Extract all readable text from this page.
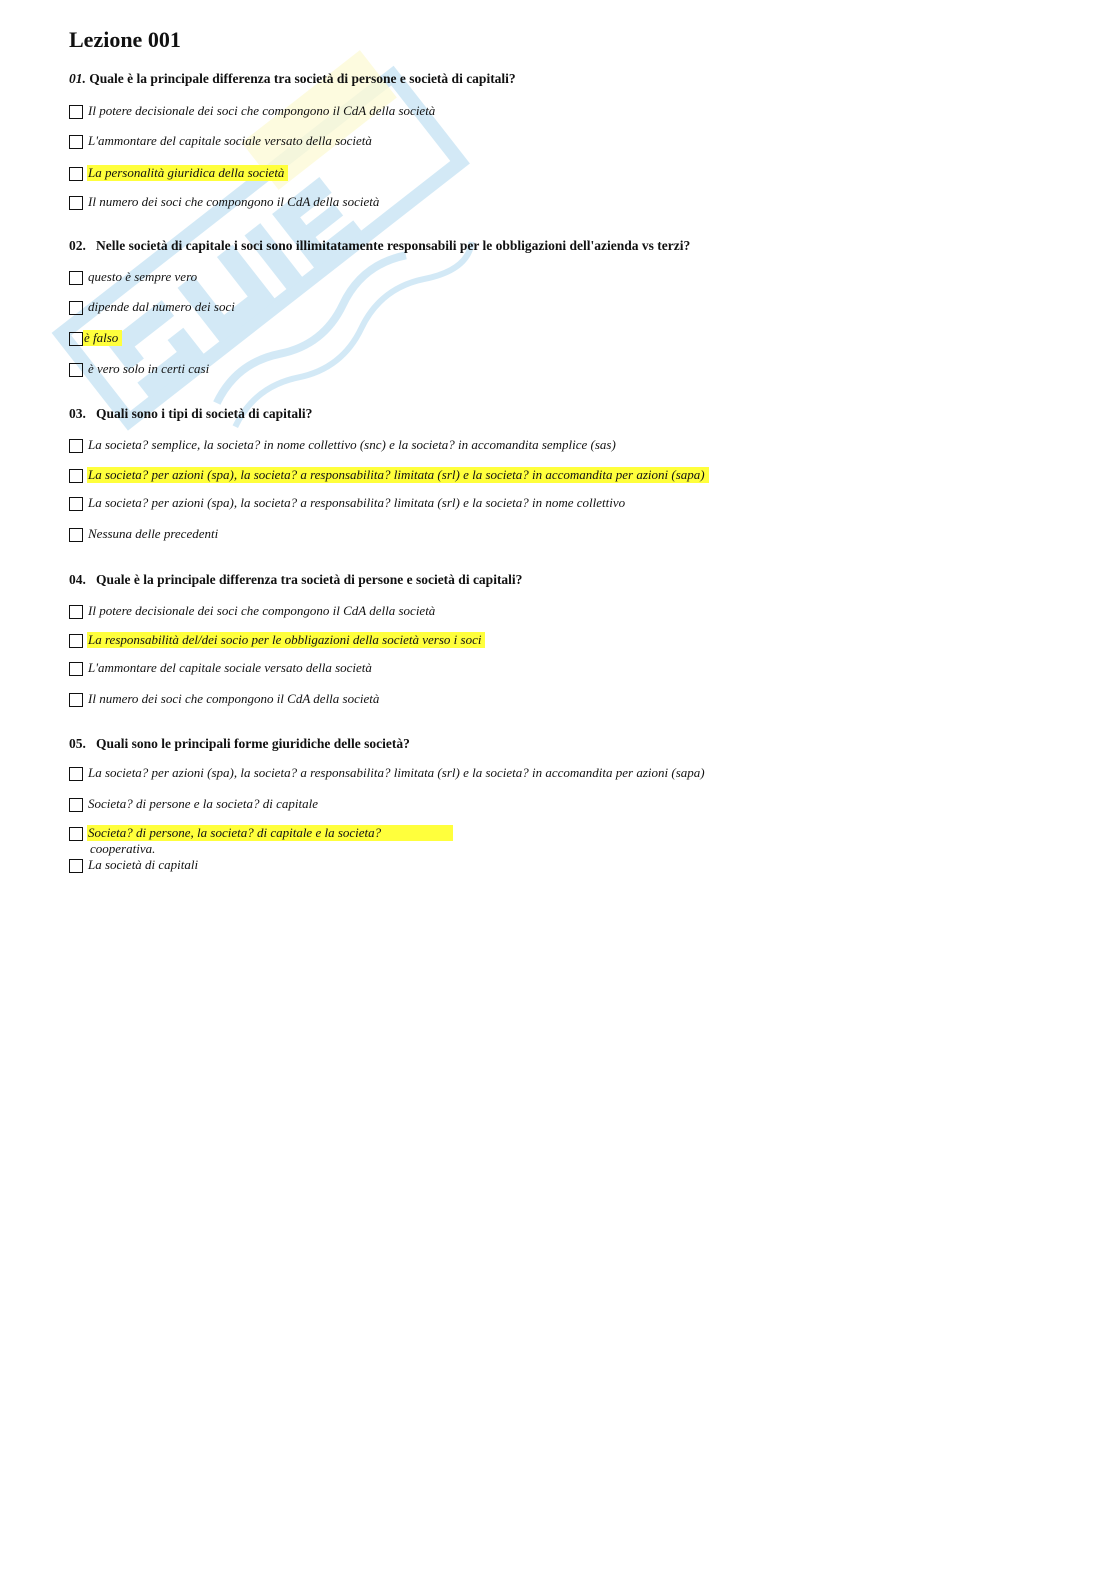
Lezione 001
01. Quale è la principale differenza tra società di persone e società di capitali?
Il potere decisionale dei soci che compongono il CdA della società
L'ammontare del capitale sociale versato della società
La personalità giuridica della società
Il numero dei soci che compongono il CdA della società
02. Nelle società di capitale i soci sono illimitatamente responsabili per le obbligazioni dell'azienda vs terzi?
questo è sempre vero
dipende dal numero dei soci
è falso
è vero solo in certi casi
03. Quali sono i tipi di società di capitali?
La societa? semplice, la societa? in nome collettivo (snc) e la societa? in accomandita semplice (sas)
La societa? per azioni (spa), la societa? a responsabilita? limitata (srl) e la societa? in accomandita per azioni (sapa)
La societa? per azioni (spa), la societa? a responsabilita? limitata (srl) e la societa? in nome collettivo
Nessuna delle precedenti
04. Quale è la principale differenza tra società di persone e società di capitali?
Il potere decisionale dei soci che compongono il CdA della società
La responsabilità del/dei socio per le obbligazioni della società verso i soci
L'ammontare del capitale sociale versato della società
Il numero dei soci che compongono il CdA della società
05. Quali sono le principali forme giuridiche delle società?
La societa? per azioni (spa), la societa? a responsabilita? limitata (srl) e la societa? in accomandita per azioni (sapa)
Societa? di persone e la societa? di capitale
Societa? di persone, la societa? di capitale e la societa?
cooperativa.
La società di capitali
